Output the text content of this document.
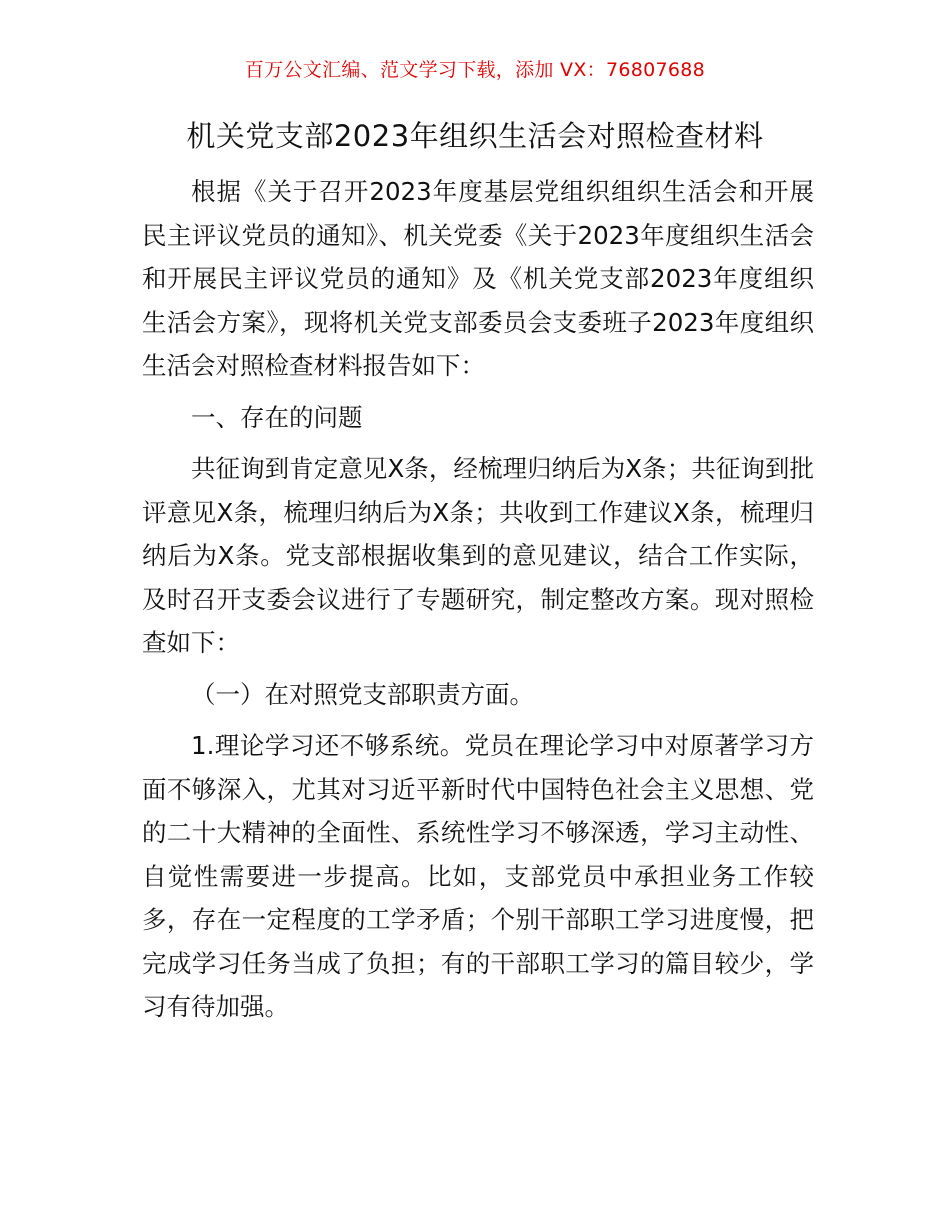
百万公文汇编、范文学习下载，添加 VX：76807688
机关党支部2023年组织生活会对照检查材料

根据《关于召开2023年度基层党组织组织生活会和开展民主评议党员的通知》、机关党委《关于2023年度组织生活会和开展民主评议党员的通知》及《机关党支部2023年度组织生活会方案》，现将机关党支部委员会支委班子2023年度组织生活会对照检查材料报告如下：

一、存在的问题

共征询到肯定意见X条，经梳理归纳后为X条；共征询到批评意见X条，梳理归纳后为X条；共收到工作建议X条，梳理归纳后为X条。党支部根据收集到的意见建议，结合工作实际，及时召开支委会议进行了专题研究，制定整改方案。现对照检查如下：

（一）在对照党支部职责方面。

1.理论学习还不够系统。党员在理论学习中对原著学习方面不够深入，尤其对习近平新时代中国特色社会主义思想、党的二十大精神的全面性、系统性学习不够深透，学习主动性、自觉性需要进一步提高。比如，支部党员中承担业务工作较多，存在一定程度的工学矛盾；个别干部职工学习进度慢，把完成学习任务当成了负担；有的干部职工学习的篇目较少，学习有待加强。
